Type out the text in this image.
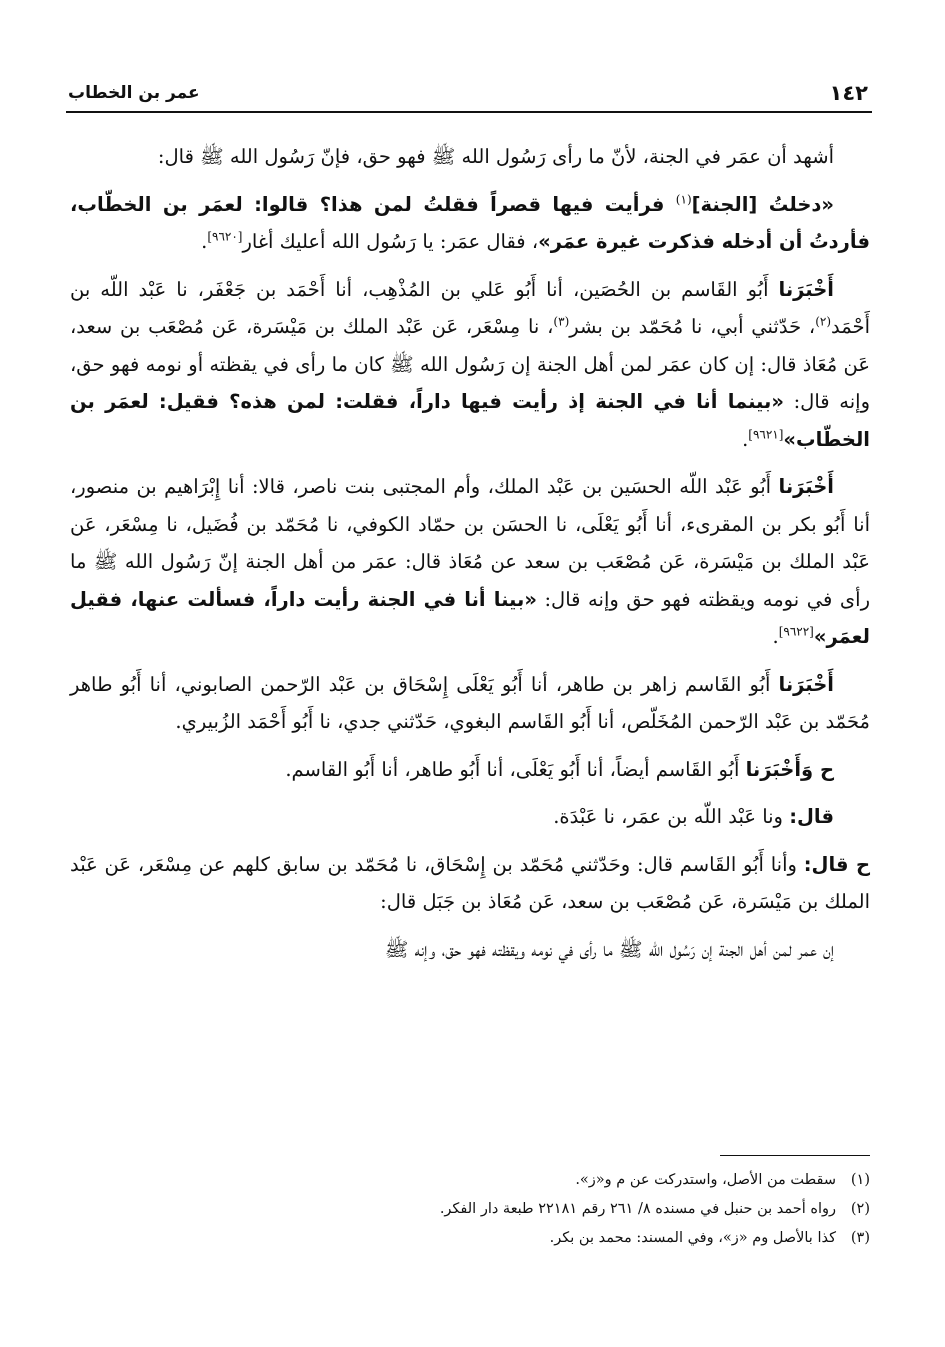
١٤٢
عمر بن الخطاب

أشهد أن عمَر في الجنة، لأنّ ما رأى رَسُول الله ﷺ فهو حق، فإنّ رَسُول الله ﷺ قال:

«دخلتُ [الجنة]$^{(١)}$ فرأيت فيها قصراً فقلتُ لمن هذا؟ قالوا: لعمَر بن الخطّاب، فأردتُ أن أدخله فذكرت غيرة عمَر»، فقال عمَر: يا رَسُول الله أعليك أغار[٩٦٢٠].

أَخْبَرَنا أَبُو القَاسم بن الحُصَين، أنا أَبُو عَلي بن المُذْهِب، أنا أَحْمَد بن جَعْفَر، نا عَبْد اللّه بن أَحْمَد$^{(٢)}$، حَدّثني أبي، نا مُحَمّد بن بشر$^{(٣)}$، نا مِسْعَر، عَن عَبْد الملك بن مَيْسَرة، عَن مُصْعَب بن سعد، عَن مُعَاذ قال: إن كان عمَر لمن أهل الجنة إن رَسُول الله ﷺ كان ما رأى في يقظته أو نومه فهو حق، وإنه قال: «بينما أنا في الجنة إذ رأيت فيها داراً، فقلت: لمن هذه؟ فقيل: لعمَر بن الخطّاب»[٩٦٢١].

أَخْبَرَنا أَبُو عَبْد اللّه الحسَين بن عَبْد الملك، وأم المجتبى بنت ناصر، قالا: أنا إِبْرَاهيم بن منصور، أنا أَبُو بكر بن المقرىء، أنا أَبُو يَعْلَى، نا الحسَن بن حمّاد الكوفي، نا مُحَمّد بن فُضَيل، نا مِسْعَر، عَن عَبْد الملك بن مَيْسَرة، عَن مُصْعَب بن سعد عن مُعَاذ قال: عمَر من أهل الجنة إنّ رَسُول الله ﷺ ما رأى في نومه ويقظته فهو حق وإنه قال: «بينا أنا في الجنة رأيت داراً، فسألت عنها، فقيل لعمَر»[٩٦٢٢].

أَخْبَرَنا أَبُو القَاسم زاهر بن طاهر، أنا أَبُو يَعْلَى إِسْحَاق بن عَبْد الرّحمن الصابوني، أنا أَبُو طاهر مُحَمّد بن عَبْد الرّحمن المُخَلّص، أنا أَبُو القَاسم البغوي، حَدّثني جدي، نا أَبُو أَحْمَد الزُبيري.

ح وَأَخْبَرَنا أَبُو القَاسم أيضاً، أنا أَبُو يَعْلَى، أنا أَبُو طاهر، أنا أَبُو القاسم.

قال: ونا عَبْد اللّه بن عمَر، نا عَبْدَة.

ح قال: وأنا أَبُو القَاسم قال: وحَدّثني مُحَمّد بن إِسْحَاق، نا مُحَمّد بن سابق كلهم عن مِسْعَر، عَن عَبْد الملك بن مَيْسَرة، عَن مُصْعَب بن سعد، عَن مُعَاذ بن جَبَل قال:

إن عمر لمن أهل الجنة إن رَسُول الله ﷺ ما رأى في نومه ويقظته فهو حق، وإنه ﷺ

(١)سقطت من الأصل، واستدركت عن م و«ز».
(٢)رواه أحمد بن حنبل في مسنده ٨/ ٢٦١ رقم ٢٢١٨١ طبعة دار الفكر.
(٣)كذا بالأصل وم «ز»، وفي المسند: محمد بن بكر.
